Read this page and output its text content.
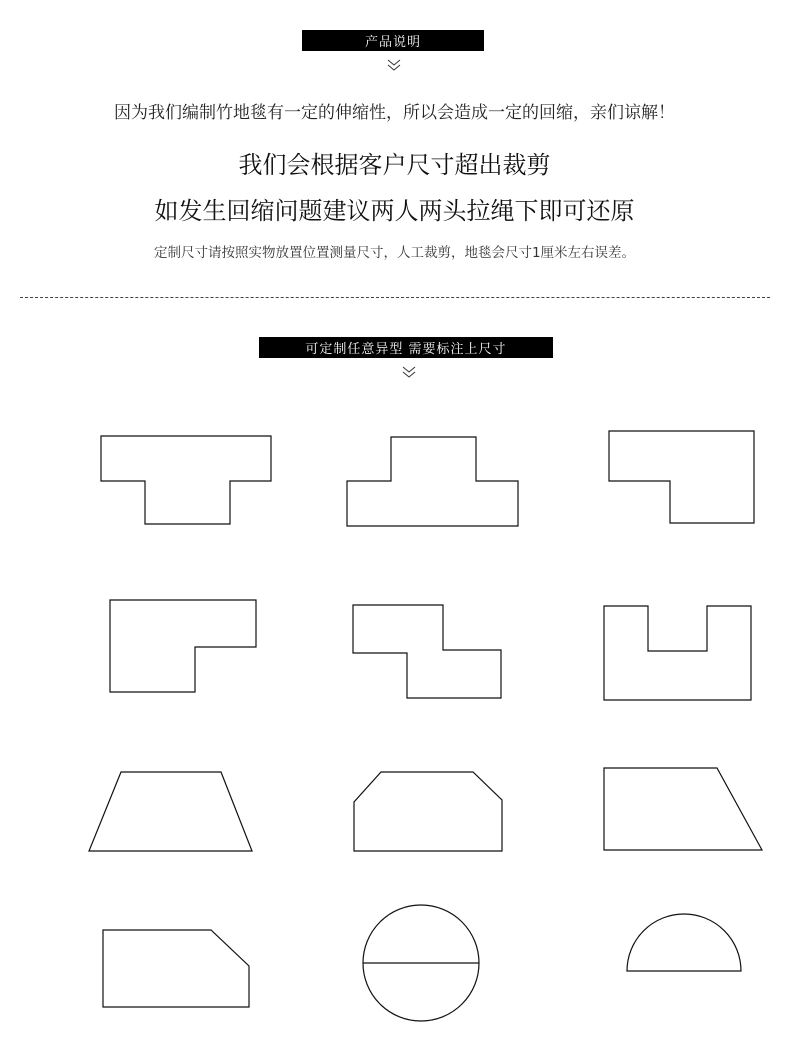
产品说明
因为我们编制竹地毯有一定的伸缩性，所以会造成一定的回缩，亲们谅解！
我们会根据客户尺寸超出裁剪
如发生回缩问题建议两人两头拉绳下即可还原
定制尺寸请按照实物放置位置测量尺寸，人工裁剪，地毯会尺寸1厘米左右误差。
可定制任意异型 需要标注上尺寸
